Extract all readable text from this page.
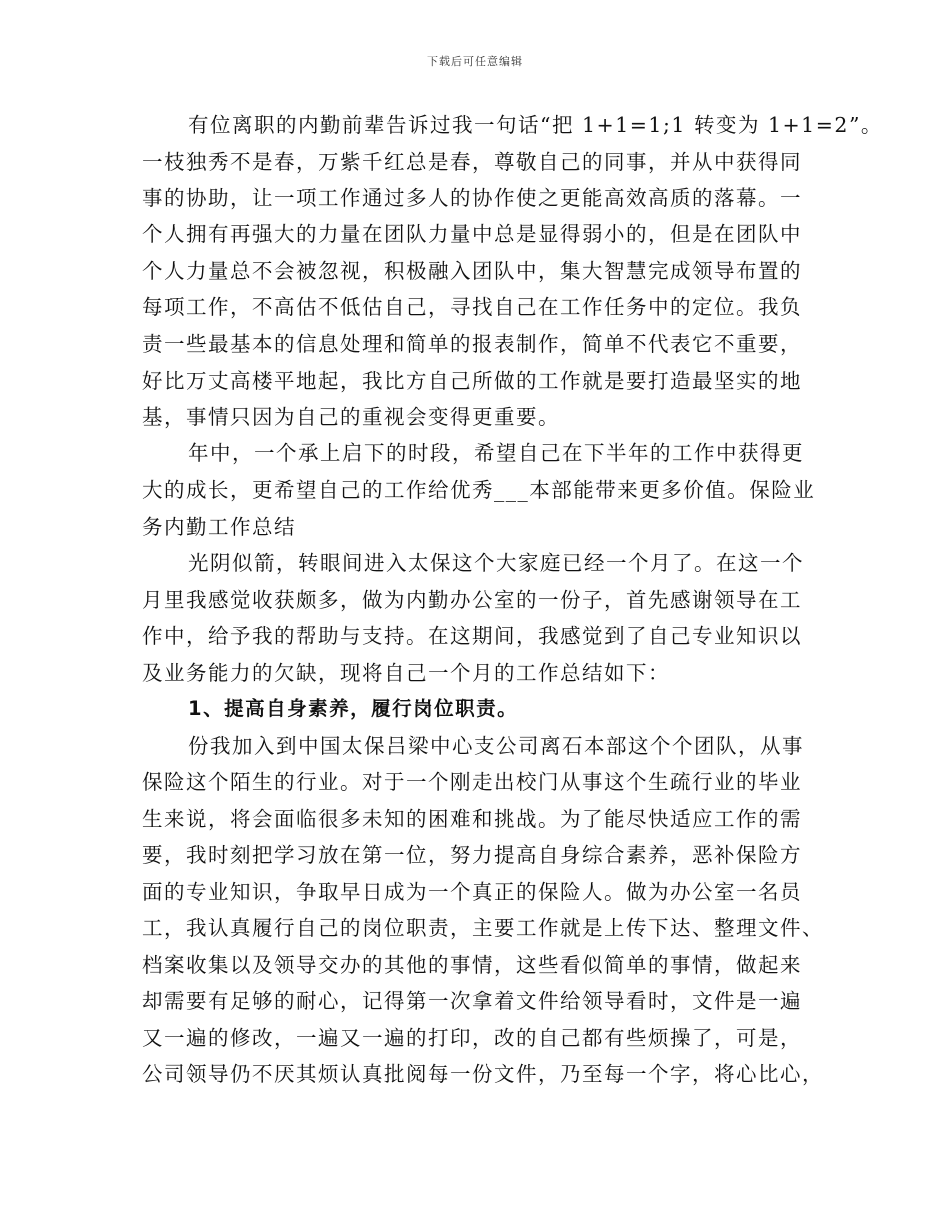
下载后可任意编辑
有位离职的内勤前辈告诉过我一句话“把 1+1=1;1 转变为 1+1=2”。
一枝独秀不是春，万紫千红总是春，尊敬自己的同事，并从中获得同
事的协助，让一项工作通过多人的协作使之更能高效高质的落幕。一
个人拥有再强大的力量在团队力量中总是显得弱小的，但是在团队中
个人力量总不会被忽视，积极融入团队中，集大智慧完成领导布置的
每项工作，不高估不低估自己，寻找自己在工作任务中的定位。我负
责一些最基本的信息处理和简单的报表制作，简单不代表它不重要，
好比万丈高楼平地起，我比方自己所做的工作就是要打造最坚实的地
基，事情只因为自己的重视会变得更重要。
年中，一个承上启下的时段，希望自己在下半年的工作中获得更
大的成长，更希望自己的工作给优秀___本部能带来更多价值。保险业
务内勤工作总结
光阴似箭，转眼间进入太保这个大家庭已经一个月了。在这一个
月里我感觉收获颇多，做为内勤办公室的一份子，首先感谢领导在工
作中，给予我的帮助与支持。在这期间，我感觉到了自己专业知识以
及业务能力的欠缺，现将自己一个月的工作总结如下：
1、提高自身素养，履行岗位职责。
份我加入到中国太保吕梁中心支公司离石本部这个个团队，从事
保险这个陌生的行业。对于一个刚走出校门从事这个生疏行业的毕业
生来说，将会面临很多未知的困难和挑战。为了能尽快适应工作的需
要，我时刻把学习放在第一位，努力提高自身综合素养，恶补保险方
面的专业知识，争取早日成为一个真正的保险人。做为办公室一名员
工，我认真履行自己的岗位职责，主要工作就是上传下达、整理文件、
档案收集以及领导交办的其他的事情，这些看似简单的事情，做起来
却需要有足够的耐心，记得第一次拿着文件给领导看时，文件是一遍
又一遍的修改，一遍又一遍的打印，改的自己都有些烦操了，可是，
公司领导仍不厌其烦认真批阅每一份文件，乃至每一个字，将心比心，
